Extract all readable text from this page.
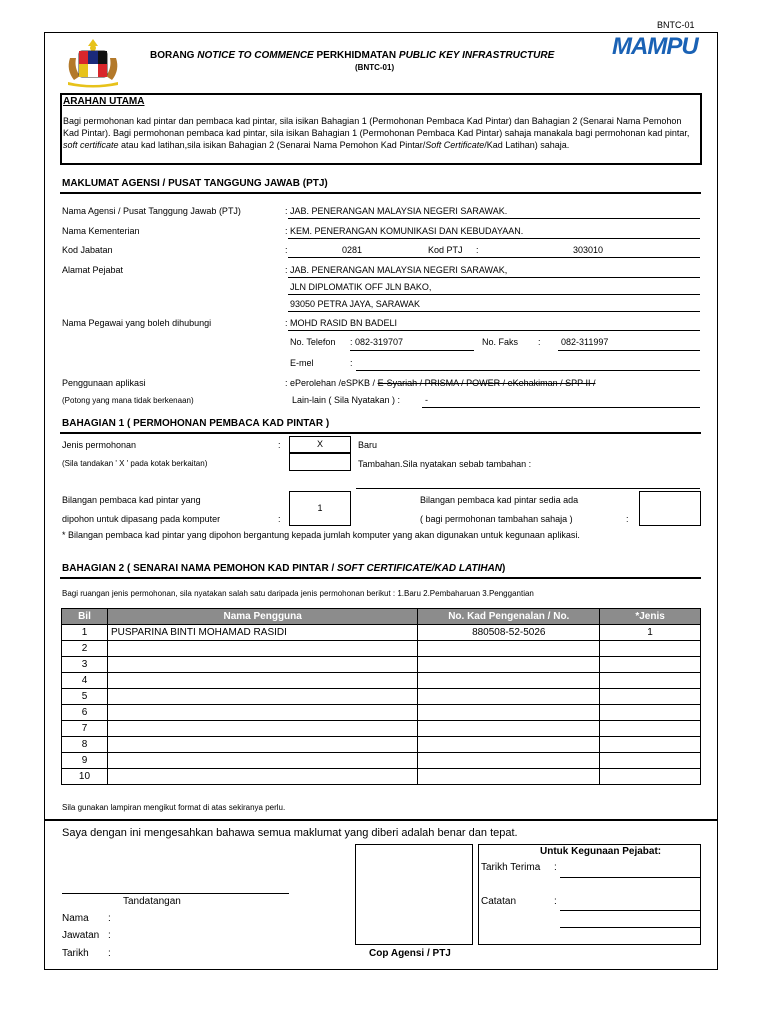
BNTC-01
BORANG NOTICE TO COMMENCE PERKHIDMATAN PUBLIC KEY INFRASTRUCTURE
(BNTC-01)
MAMPU
ARAHAN UTAMA
Bagi permohonan kad pintar dan pembaca kad pintar, sila isikan Bahagian 1 (Permohonan Pembaca Kad Pintar) dan Bahagian 2 (Senarai Nama Pemohon Kad Pintar). Bagi permohonan pembaca kad pintar, sila isikan Bahagian 1 (Permohonan Pembaca Kad Pintar) sahaja manakala bagi permohonan kad pintar, soft certificate atau kad latihan,sila isikan Bahagian 2 (Senarai Nama Pemohon Kad Pintar/Soft Certificate/Kad Latihan) sahaja.
MAKLUMAT AGENSI / PUSAT TANGGUNG JAWAB (PTJ)
Nama Agensi / Pusat Tanggung Jawab (PTJ)	: JAB. PENERANGAN MALAYSIA NEGERI SARAWAK.
Nama Kementerian	: KEM. PENERANGAN KOMUNIKASI DAN KEBUDAYAAN.
Kod Jabatan	:	0281	Kod PTJ :	303010
Alamat Pejabat	: JAB. PENERANGAN MALAYSIA NEGERI SARAWAK,
JLN DIPLOMATIK OFF JLN BAKO,
93050 PETRA JAYA, SARAWAK
Nama Pegawai yang boleh dihubungi	: MOHD RASID BN BADELI
No. Telefon : 082-319707	No. Faks : 082-311997
E-mel	:
Penggunaan aplikasi
(Potong yang mana tidak berkenaan)
: ePerolehan /eSPKB / E-Syariah / PRISMA / POWER / eKehakiman / SPP II /
Lain-lain ( Sila Nyatakan ) :	-
BAHAGIAN 1 ( PERMOHONAN PEMBACA KAD PINTAR )
Jenis permohonan	:
(Sila tandakan ' X ' pada kotak berkaitan)
X	Baru
Tambahan.Sila nyatakan sebab tambahan :
Bilangan pembaca kad pintar yang
dipohon untuk dipasang pada komputer	:
1
Bilangan pembaca kad pintar sedia ada
( bagi permohonan tambahan sahaja )	:
* Bilangan pembaca kad pintar yang dipohon bergantung kepada jumlah komputer yang akan digunakan untuk kegunaan aplikasi.
BAHAGIAN 2 ( SENARAI NAMA PEMOHON KAD PINTAR / SOFT CERTIFICATE/KAD LATIHAN)
Bagi ruangan jenis permohonan, sila nyatakan salah satu daripada jenis permohonan berikut : 1.Baru 2.Pembaharuan 3.Penggantian
Bil	Nama Pengguna	No. Kad Pengenalan / No.	*Jenis
1	PUSPARINA BINTI MOHAMAD RASIDI	880508-52-5026	1
2			
3			
4			
5			
6			
7			
8			
9			
10			
Sila gunakan lampiran mengikut format di atas sekiranya perlu.
Saya dengan ini mengesahkan bahawa semua maklumat yang diberi adalah benar dan tepat.
Tandatangan
Nama :
Jawatan :
Tarikh :	Cop Agensi / PTJ
Untuk Kegunaan Pejabat:
Tarikh Terima :
Catatan	:
